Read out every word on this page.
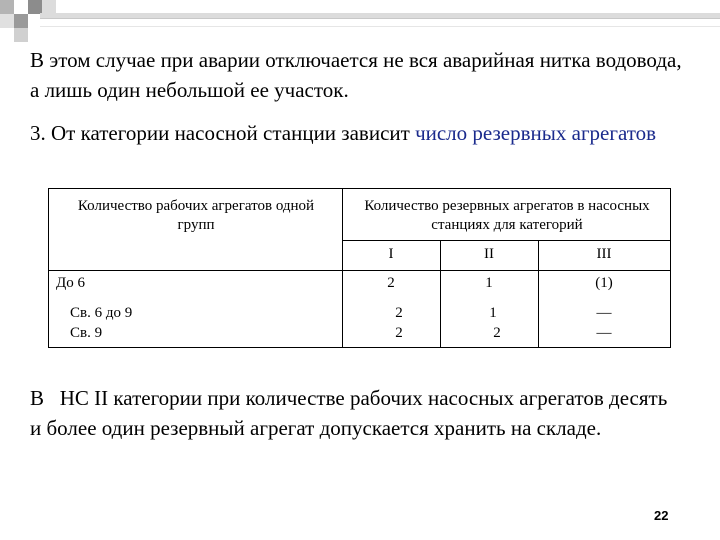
В этом случае при аварии отключается не вся аварийная нитка водовода, а лишь один небольшой ее участок.
3. От категории насосной станции зависит число резервных агрегатов
Количество рабочих агрегатов одной групп
Количество резервных агрегатов в насосных станциях для категорий
I	II	III
До 6	2	1	(1)
Св. 6 до 9	2	1	—
Св. 9	2	2	—
В   НС II категории при количестве рабочих насосных агрегатов десять и более один резервный агрегат допускается хранить на складе.
22
